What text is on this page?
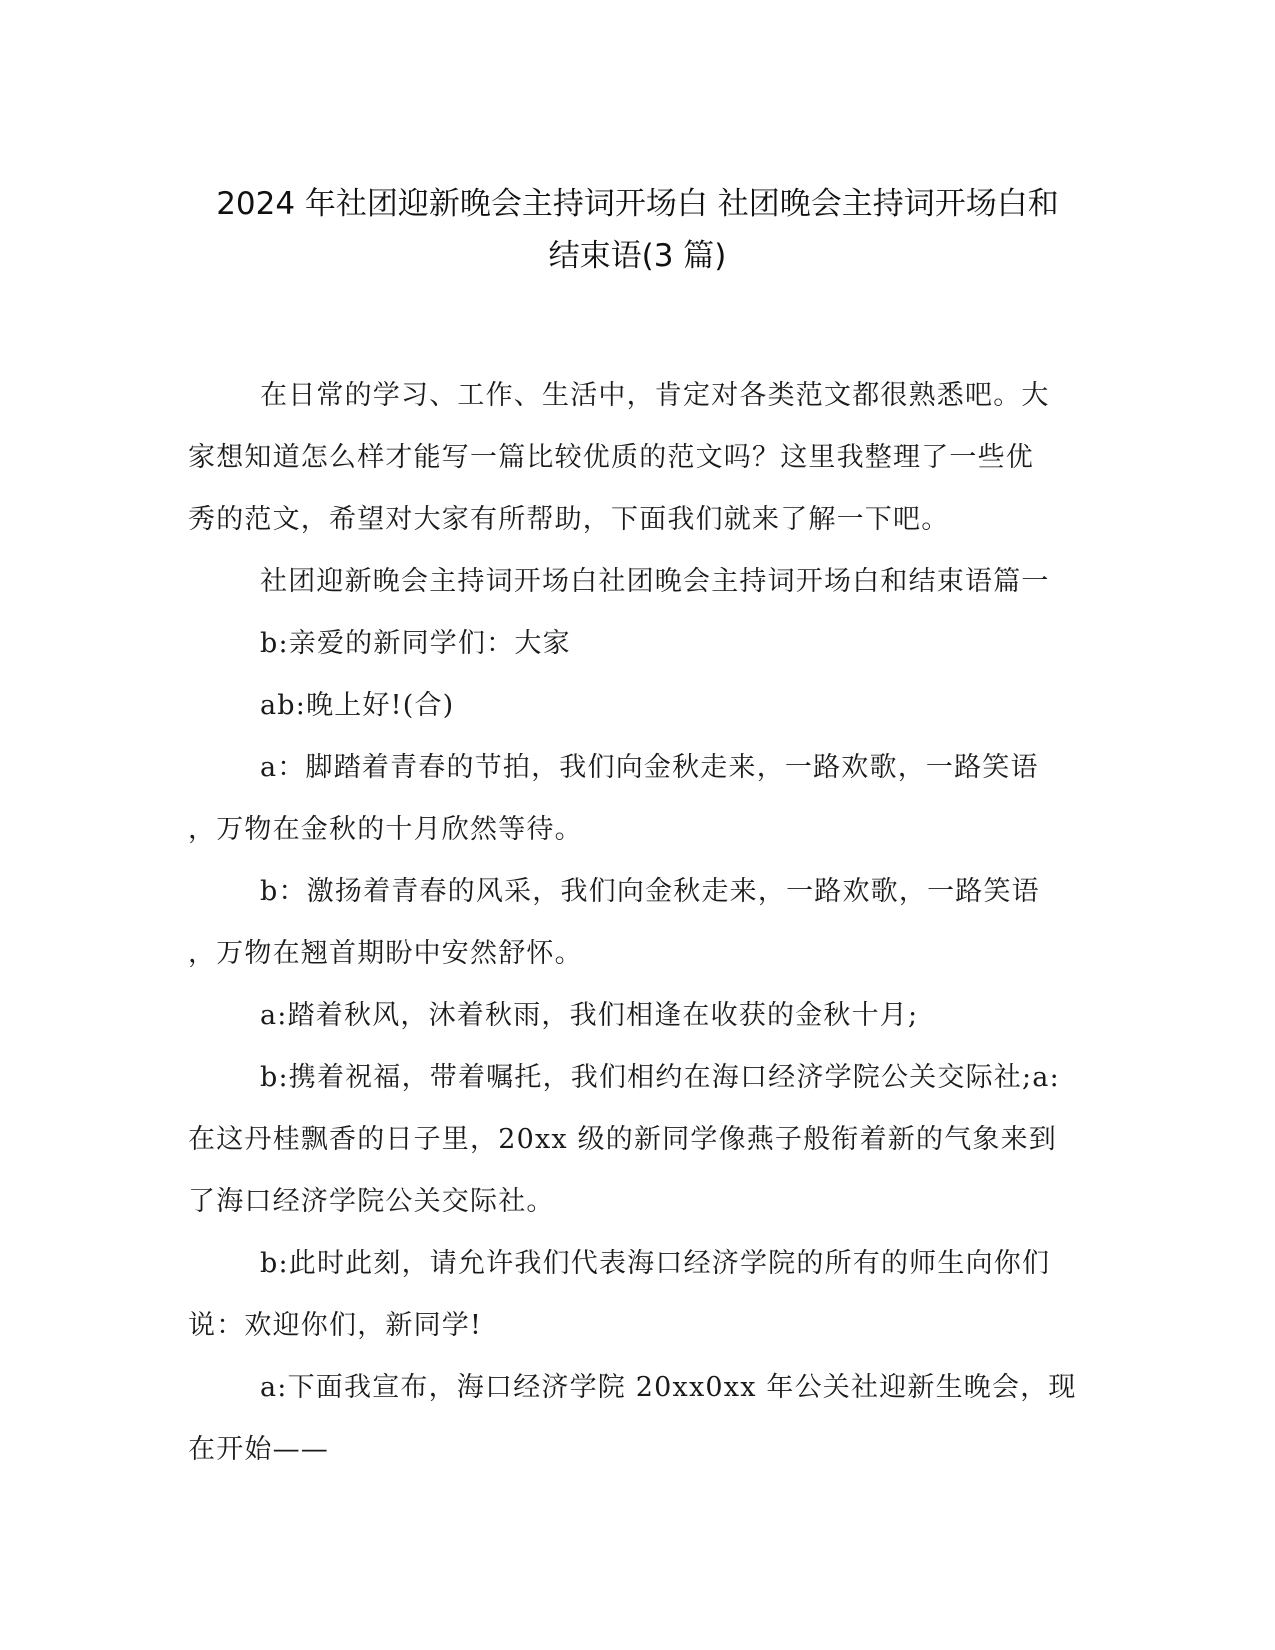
2024 年社团迎新晚会主持词开场白 社团晚会主持词开场白和
结束语(3 篇)
在日常的学习、工作、生活中，肯定对各类范文都很熟悉吧。大
家想知道怎么样才能写一篇比较优质的范文吗？这里我整理了一些优
秀的范文，希望对大家有所帮助，下面我们就来了解一下吧。
社团迎新晚会主持词开场白社团晚会主持词开场白和结束语篇一
b:亲爱的新同学们：大家
ab:晚上好!(合)
a：脚踏着青春的节拍，我们向金秋走来，一路欢歌，一路笑语
，万物在金秋的十月欣然等待。
b：激扬着青春的风采，我们向金秋走来，一路欢歌，一路笑语
，万物在翘首期盼中安然舒怀。
a:踏着秋风，沐着秋雨，我们相逢在收获的金秋十月;
b:携着祝福，带着嘱托，我们相约在海口经济学院公关交际社;a:
在这丹桂飘香的日子里，20xx 级的新同学像燕子般衔着新的气象来到
了海口经济学院公关交际社。
b:此时此刻，请允许我们代表海口经济学院的所有的师生向你们
说：欢迎你们，新同学!
a:下面我宣布，海口经济学院 20xx0xx 年公关社迎新生晚会，现
在开始——
